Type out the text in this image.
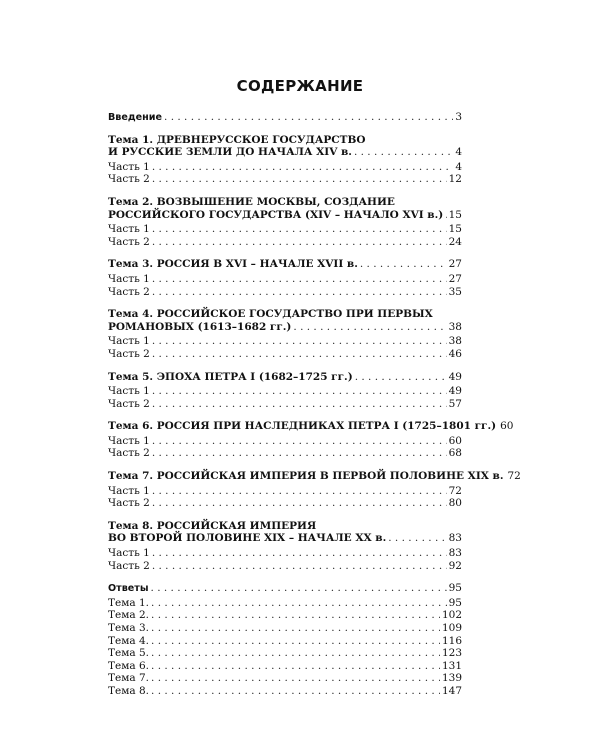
СОДЕРЖАНИЕ
Введение . . .	3
Тема 1. ДРЕВНЕРУССКОЕ ГОСУДАРСТВО
И РУССКИЕ ЗЕМЛИ ДО НАЧАЛА XIV в. . . .	4
Часть 1 . . .	4
Часть 2 . . .	12
Тема 2. ВОЗВЫШЕНИЕ МОСКВЫ, СОЗДАНИЕ
РОССИЙСКОГО ГОСУДАРСТВА (XIV – НАЧАЛО XVI в.) . . . 15
Часть 1 . . .	15
Часть 2 . . .	24
Тема 3. РОССИЯ В XVI – НАЧАЛЕ XVII в. . . .	27
Часть 1 . . .	27
Часть 2 . . .	35
Тема 4. РОССИЙСКОЕ ГОСУДАРСТВО ПРИ ПЕРВЫХ
РОМАНОВЫХ (1613–1682 гг.) . . .	38
Часть 1 . . .	38
Часть 2 . . .	46
Тема 5. ЭПОХА ПЕТРА I (1682–1725 гг.) . . .	49
Часть 1 . . .	49
Часть 2 . . .	57
Тема 6. РОССИЯ ПРИ НАСЛЕДНИКАХ ПЕТРА I (1725–1801 гг.) 60
Часть 1 . . .	60
Часть 2 . . .	68
Тема 7. РОССИЙСКАЯ ИМПЕРИЯ В ПЕРВОЙ ПОЛОВИНЕ XIX в. 72
Часть 1 . . .	72
Часть 2 . . .	80
Тема 8. РОССИЙСКАЯ ИМПЕРИЯ
ВО ВТОРОЙ ПОЛОВИНЕ XIX – НАЧАЛЕ XX в. . . .	83
Часть 1 . . .	83
Часть 2 . . .	92
Ответы . . .	95
Тема 1. . . .	95
Тема 2. . . .	102
Тема 3. . . .	109
Тема 4. . . .	116
Тема 5. . . .	123
Тема 6. . . .	131
Тема 7. . . .	139
Тема 8. . . .	147
